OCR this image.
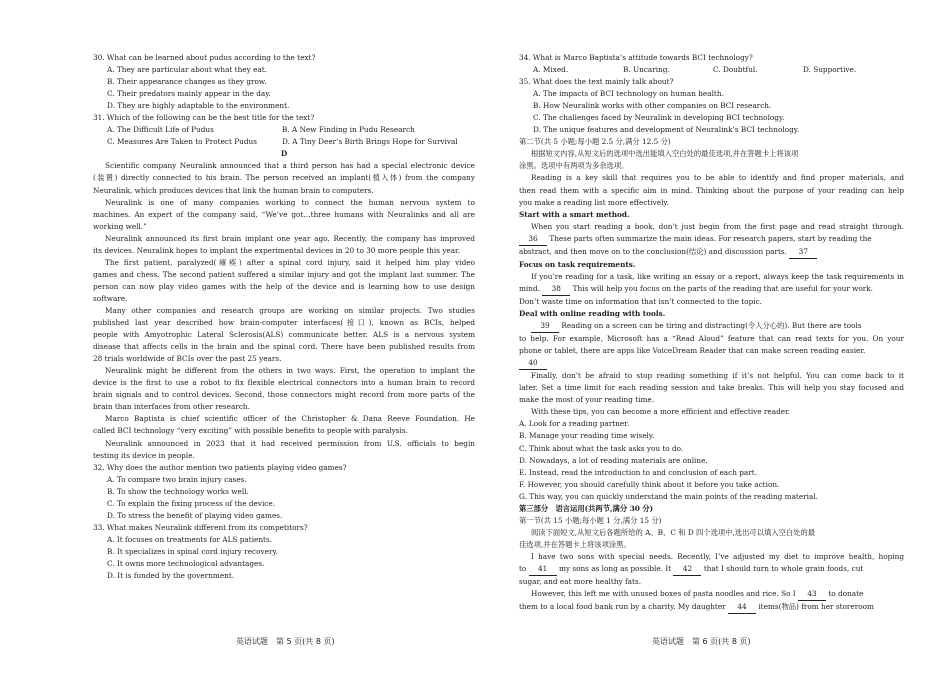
30. What can be learned about pudus according to the text?
A. They are particular about what they eat.
B. Their appearance changes as they grow.
C. Their predators mainly appear in the day.
D. They are highly adaptable to the environment.
31. Which of the following can be the best title for the text?
A. The Difficult Life of Pudus	B. A New Finding in Pudu Research
C. Measures Are Taken to Protect Pudus	D. A Tiny Deer’s Birth Brings Hope for Survival
D
Scientific company Neuralink announced that a third person has had a special electronic device
(装置) directly connected to his brain. The person received an implant(植入体) from the company
Neuralink, which produces devices that link the human brain to computers.
Neuralink is one of many companies working to connect the human nervous system to
machines. An expert of the company said, “We’ve got…three humans with Neuralinks and all are
working well.”
Neuralink announced its first brain implant one year ago. Recently, the company has improved
its devices. Neuralink hopes to implant the experimental devices in 20 to 30 more people this year.
The first patient, paralyzed(瘫痪) after a spinal cord injury, said it helped him play video
games and chess. The second patient suffered a similar injury and got the implant last summer. The
person can now play video games with the help of the device and is learning how to use design
software.
Many other companies and research groups are working on similar projects. Two studies
published last year described how brain-computer interfaces(接口), known as BCIs, helped
people with Amyotrophic Lateral Sclerosis(ALS) communicate better. ALS is a nervous system
disease that affects cells in the brain and the spinal cord. There have been published results from
28 trials worldwide of BCIs over the past 25 years.
Neuralink might be different from the others in two ways. First, the operation to implant the
device is the first to use a robot to fix flexible electrical connectors into a human brain to record
brain signals and to control devices. Second, those connectors might record from more parts of the
brain than interfaces from other research.
Marco Baptista is chief scientific officer of the Christopher & Dana Reeve Foundation. He
called BCI technology “very exciting” with possible benefits to people with paralysis.
Neuralink announced in 2023 that it had received permission from U.S. officials to begin
testing its device in people.
32. Why does the author mention two patients playing video games?
A. To compare two brain injury cases.
B. To show the technology works well.
C. To explain the fixing process of the device.
D. To stress the benefit of playing video games.
33. What makes Neuralink different from its competitors?
A. It focuses on treatments for ALS patients.
B. It specializes in spinal cord injury recovery.
C. It owns more technological advantages.
D. It is funded by the government.
34. What is Marco Baptista’s attitude towards BCI technology?
A. Mixed.	B. Uncaring.	C. Doubtful.	D. Supportive.
35. What does the text mainly talk about?
A. The impacts of BCI technology on human health.
B. How Neuralink works with other companies on BCI research.
C. The challenges faced by Neuralink in developing BCI technology.
D. The unique features and development of Neuralink’s BCI technology.
第二节(共 5 小题;每小题 2.5 分,满分 12.5 分)
根据短文内容,从短文后的选项中选出能填入空白处的最佳选项,并在答题卡上将该项
涂黑。选项中有两项为多余选项。
Reading is a key skill that requires you to be able to identify and find proper materials, and
then read them with a specific aim in mind. Thinking about the purpose of your reading can help
you make a reading list more effectively.
Start with a smart method.
When you start reading a book, don’t just begin from the first page and read straight through.
36 These parts often summarize the main ideas. For research papers, start by reading the
abstract, and then move on to the conclusion(结论) and discussion parts. 37
Focus on task requirements.
If you’re reading for a task, like writing an essay or a report, always keep the task requirements in
mind. 38 This will help you focus on the parts of the reading that are useful for your work.
Don’t waste time on information that isn’t connected to the topic.
Deal with online reading with tools.
39 Reading on a screen can be tiring and distracting(令人分心的). But there are tools
to help. For example, Microsoft has a “Read Aloud” feature that can read texts for you. On your
phone or tablet, there are apps like VoiceDream Reader that can make screen reading easier.
40
Finally, don’t be afraid to stop reading something if it’s not helpful. You can come back to it
later. Set a time limit for each reading session and take breaks. This will help you stay focused and
make the most of your reading time.
With these tips, you can become a more efficient and effective reader.
A. Look for a reading partner.
B. Manage your reading time wisely.
C. Think about what the task asks you to do.
D. Nowadays, a lot of reading materials are online.
E. Instead, read the introduction to and conclusion of each part.
F. However, you should carefully think about it before you take action.
G. This way, you can quickly understand the main points of the reading material.
第三部分　语言运用(共两节,满分 30 分)
第一节(共 15 小题;每小题 1 分,满分 15 分)
阅读下面短文,从短文后各题所给的 A、B、C 和 D 四个选项中,选出可以填入空白处的最
佳选项,并在答题卡上将该项涂黑。
I have two sons with special needs. Recently, I’ve adjusted my diet to improve health, hoping
to 41 my sons as long as possible. It 42 that I should turn to whole grain foods, cut
sugar, and eat more healthy fats.
However, this left me with unused boxes of pasta noodles and rice. So I 43 to donate
them to a local food bank run by a charity. My daughter 44 items(物品) from her storeroom
英语试题　第 5 页(共 8 页)	英语试题　第 6 页(共 8 页)
